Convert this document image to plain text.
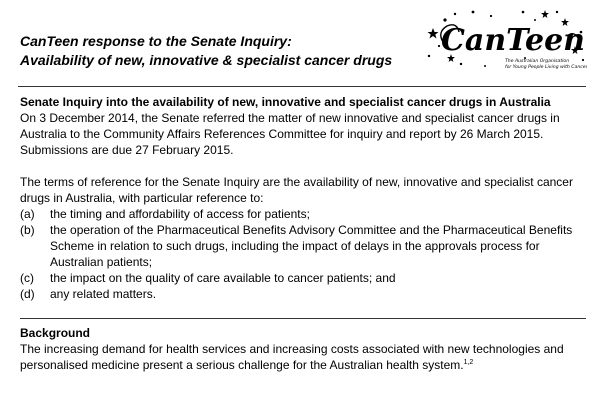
CanTeen response to the Senate Inquiry:
Availability of new, innovative & specialist cancer drugs
CanTeen
The Australian Organisation
for Young People Living with Cancer

Senate Inquiry into the availability of new, innovative and specialist cancer drugs in Australia

On 3 December 2014, the Senate referred the matter of new innovative and specialist cancer drugs in Australia to the Community Affairs References Committee for inquiry and report by 26 March 2015. Submissions are due 27 February 2015.

The terms of reference for the Senate Inquiry are the availability of new, innovative and specialist cancer drugs in Australia, with particular reference to:

(a) the timing and affordability of access for patients;
(b) the operation of the Pharmaceutical Benefits Advisory Committee and the Pharmaceutical Benefits Scheme in relation to such drugs, including the impact of delays in the approvals process for Australian patients;
(c) the impact on the quality of care available to cancer patients; and
(d) any related matters.

Background

The increasing demand for health services and increasing costs associated with new technologies and personalised medicine present a serious challenge for the Australian health system.$^{1,2}$
